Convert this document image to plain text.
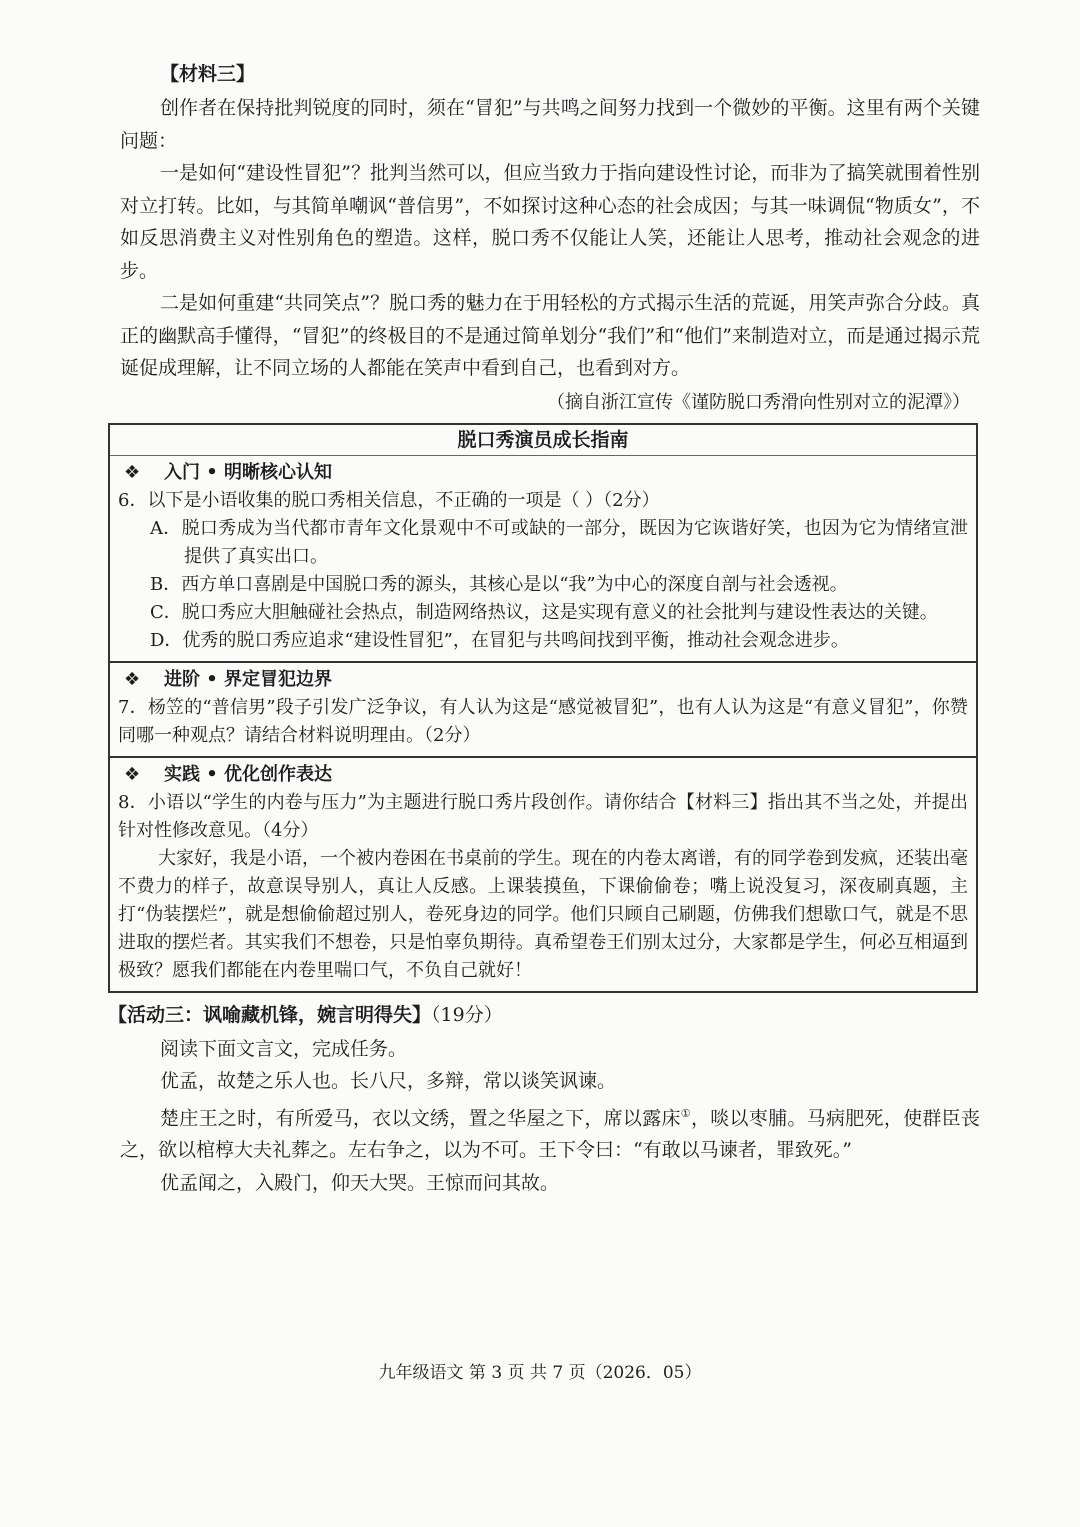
【材料三】

创作者在保持批判锐度的同时，须在“冒犯”与共鸣之间努力找到一个微妙的平衡。这里有两个关键问题：

一是如何“建设性冒犯”？批判当然可以，但应当致力于指向建设性讨论，而非为了搞笑就围着性别对立打转。比如，与其简单嘲讽“普信男”，不如探讨这种心态的社会成因；与其一味调侃“物质女”，不如反思消费主义对性别角色的塑造。这样，脱口秀不仅能让人笑，还能让人思考，推动社会观念的进步。

二是如何重建“共同笑点”？脱口秀的魅力在于用轻松的方式揭示生活的荒诞，用笑声弥合分歧。真正的幽默高手懂得，“冒犯”的终极目的不是通过简单划分“我们”和“他们”来制造对立，而是通过揭示荒诞促成理解，让不同立场的人都能在笑声中看到自己，也看到对方。

（摘自浙江宣传《谨防脱口秀滑向性别对立的泥潭》）

脱口秀演员成长指南
❖ 入门 • 明晰核心认知

6．以下是小语收集的脱口秀相关信息，不正确的一项是（ ）（2分）

A．脱口秀成为当代都市青年文化景观中不可或缺的一部分，既因为它诙谐好笑，也因为它为情绪宣泄提供了真实出口。

B．西方单口喜剧是中国脱口秀的源头，其核心是以“我”为中心的深度自剖与社会透视。

C．脱口秀应大胆触碰社会热点，制造网络热议，这是实现有意义的社会批判与建设性表达的关键。

D．优秀的脱口秀应追求“建设性冒犯”，在冒犯与共鸣间找到平衡，推动社会观念进步。

❖ 进阶 • 界定冒犯边界

7．杨笠的“普信男”段子引发广泛争议，有人认为这是“感觉被冒犯”，也有人认为这是“有意义冒犯”，你赞同哪一种观点？请结合材料说明理由。（2分）

❖ 实践 • 优化创作表达

8．小语以“学生的内卷与压力”为主题进行脱口秀片段创作。请你结合【材料三】指出其不当之处，并提出针对性修改意见。（4分）

大家好，我是小语，一个被内卷困在书桌前的学生。现在的内卷太离谱，有的同学卷到发疯，还装出毫不费力的样子，故意误导别人，真让人反感。上课装摸鱼，下课偷偷卷；嘴上说没复习，深夜刷真题，主打“伪装摆烂”，就是想偷偷超过别人，卷死身边的同学。他们只顾自己刷题，仿佛我们想歇口气，就是不思进取的摆烂者。其实我们不想卷，只是怕辜负期待。真希望卷王们别太过分，大家都是学生，何必互相逼到极致？愿我们都能在内卷里喘口气，不负自己就好！

【活动三：讽喻藏机锋，婉言明得失】（19分）

阅读下面文言文，完成任务。

优孟，故楚之乐人也。长八尺，多辩，常以谈笑讽谏。

楚庄王之时，有所爱马，衣以文绣，置之华屋之下，席以露床①，啖以枣脯。马病肥死，使群臣丧之，欲以棺椁大夫礼葬之。左右争之，以为不可。王下令曰：“有敢以马谏者，罪致死。”

优孟闻之，入殿门，仰天大哭。王惊而问其故。

九年级语文 第 3 页 共 7 页（2026．05）
